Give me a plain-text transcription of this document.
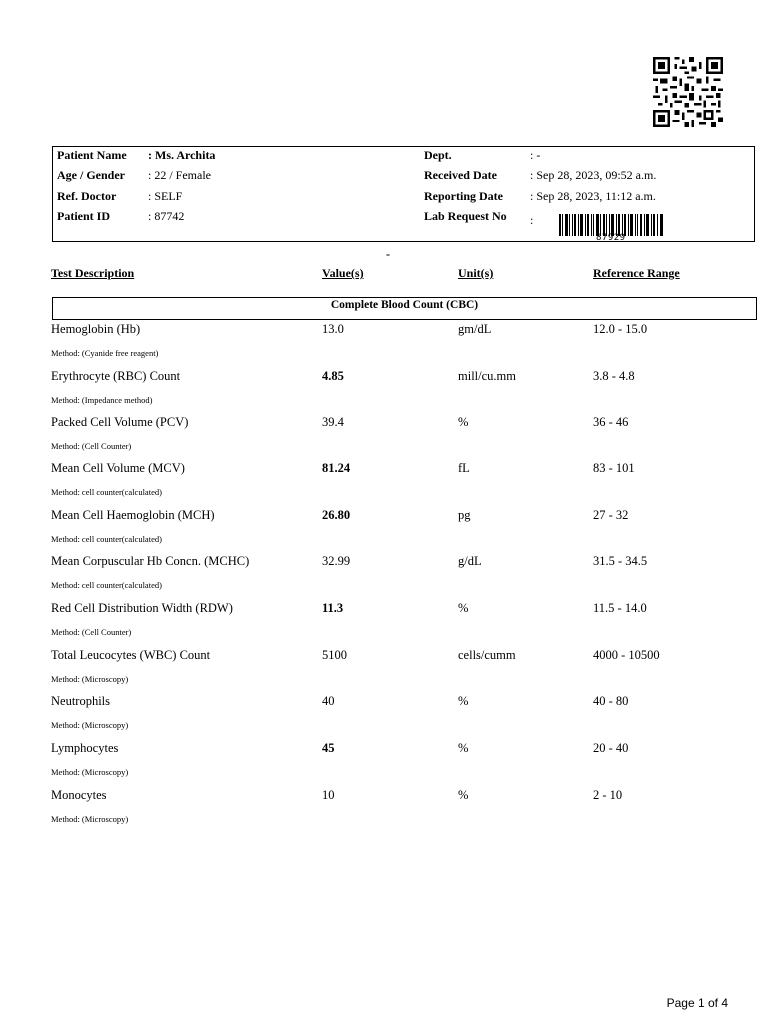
Patient Name : Ms. Archita
Age / Gender : 22 / Female
Ref. Doctor	: SELF
Patient ID	: 87742
Dept.	: -
Received Date	: Sep 28, 2023, 09:52 a.m.
Reporting Date : Sep 28, 2023, 11:12 a.m.
Lab Request No :
87929
-
Test Description	Value(s)	Unit(s)	Reference Range
Complete Blood Count (CBC)
Hemoglobin (Hb)	13.0	gm/dL	12.0 - 15.0
Method: (Cyanide free reagent)
Erythrocyte (RBC) Count	4.85	mill/cu.mm	3.8 - 4.8
Method: (Impedance method)
Packed Cell Volume (PCV)	39.4	%	36 - 46
Method: (Cell Counter)
Mean Cell Volume (MCV)	81.24	fL	83 - 101
Method: cell counter(calculated)
Mean Cell Haemoglobin (MCH)	26.80	pg	27 - 32
Method: cell counter(calculated)
Mean Corpuscular Hb Concn. (MCHC)	32.99	g/dL	31.5 - 34.5
Method: cell counter(calculated)
Red Cell Distribution Width (RDW)	11.3	%	11.5 - 14.0
Method: (Cell Counter)
Total Leucocytes (WBC) Count	5100	cells/cumm	4000 - 10500
Method: (Microscopy)
Neutrophils	40	%	40 - 80
Method: (Microscopy)
Lymphocytes	45	%	20 - 40
Method: (Microscopy)
Monocytes	10	%	2 - 10
Method: (Microscopy)
Page 1 of 4
